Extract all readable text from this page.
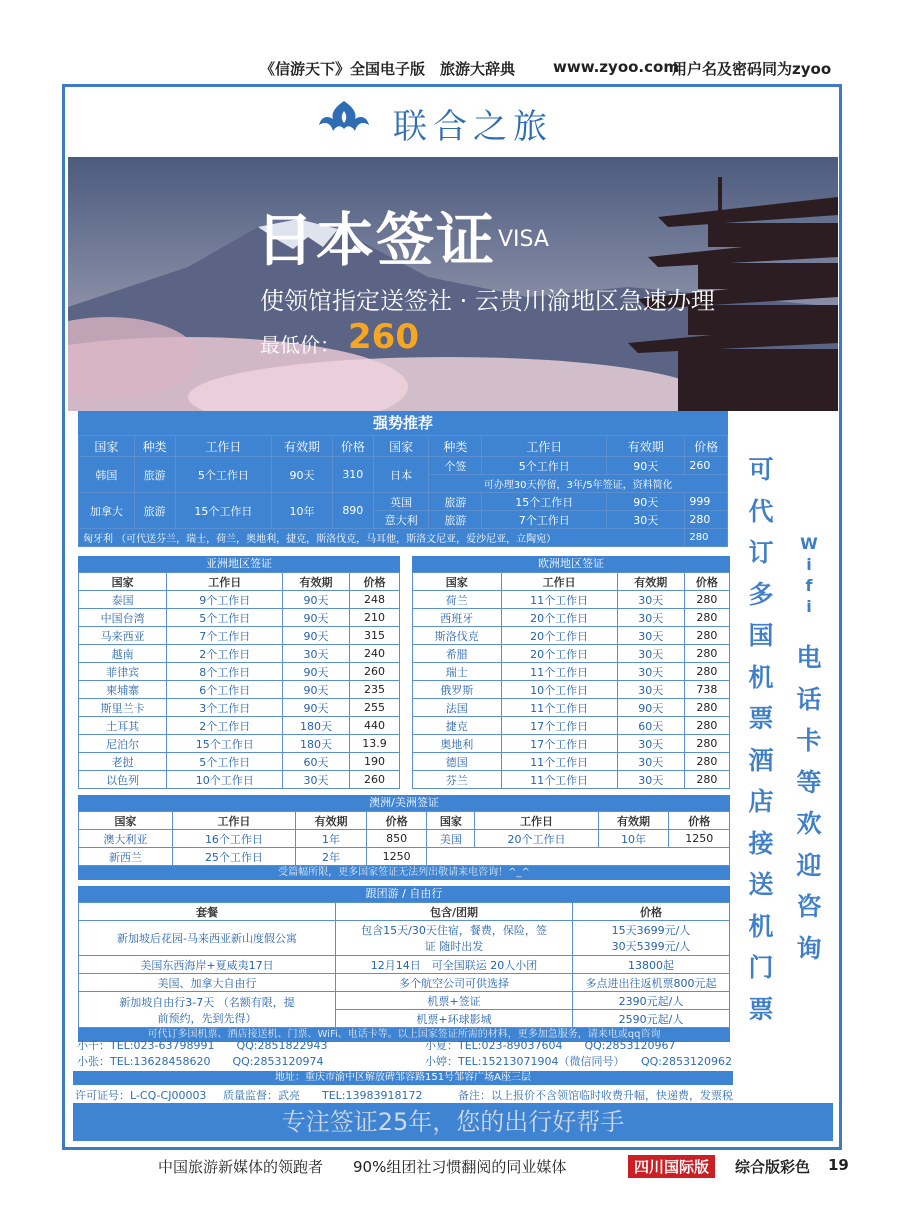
《信游天下》全国电子版　旅游大辞典	www.zyoo.com
用户名及密码同为zyoo
联合之旅
日本签证 VISA
使领馆指定送签社 · 云贵川渝地区急速办理
最低价： 260
强势推荐
国家	种类	工作日	有效期	价格	国家	种类	工作日	有效期	价格
韩国	旅游	5个工作日	90天	310	日本	个签	5个工作日	90天	260
						可办理30天停留，3年/5年签证，资料简化			
加拿大	旅游	15个工作日	10年	890	英国	旅游	15个工作日	90天	999
					意大利	旅游	7个工作日	30天	280
匈牙利 （可代送芬兰，瑞士，荷兰，奥地利，捷克，斯洛伐克，马耳他，斯洛文尼亚，爱沙尼亚，立陶宛）									280
亚洲地区签证
国家	工作日	有效期	价格
泰国	9个工作日	90天	248
中国台湾	5个工作日	90天	210
马来西亚	7个工作日	90天	315
越南	2个工作日	30天	240
菲律宾	8个工作日	90天	260
柬埔寨	6个工作日	90天	235
斯里兰卡	3个工作日	90天	255
土耳其	2个工作日	180天	440
尼泊尔	15个工作日	180天	13.9
老挝	5个工作日	60天	190
以色列	10个工作日	30天	260
欧洲地区签证
国家	工作日	有效期	价格
荷兰	11个工作日	30天	280
西班牙	20个工作日	30天	280
斯洛伐克	20个工作日	30天	280
希腊	20个工作日	30天	280
瑞士	11个工作日	30天	280
俄罗斯	10个工作日	30天	738
法国	11个工作日	90天	280
捷克	17个工作日	60天	280
奥地利	17个工作日	30天	280
德国	11个工作日	30天	280
芬兰	11个工作日	30天	280
澳洲/美洲签证
国家	工作日	有效期	价格	国家	工作日	有效期	价格
澳大利亚	16个工作日	1年	850	美国	20个工作日	10年	1250
新西兰	25个工作日	2年	1250				
受篇幅所限，更多国家签证无法列出敬请来电咨询！^_^
跟团游 / 自由行
套餐	包含/团期	价格
新加坡后花园-马来西亚新山度假公寓	包含15天/30天住宿，餐费，保险，签证 随时出发	15天3699元/人 30天5399元/人
美国东西海岸+夏威夷17日	12月14日　可全国联运 20人小团	13800起
美国、加拿大自由行	多个航空公司可供选择	多点进出往返机票800元起
新加坡自由行3-7天 （名额有限，提前预约，先到先得）	机票+签证	2390元起/人
	机票+环球影城	2590元起/人
可代订多国机票、酒店接送机、门票、WiFi、电话卡等。以上国家签证所需的材料，更多加急服务，请来电或qq咨询
可
代
订
多
国
机
票
酒
店
接
送
机
门
票
W
i
f
i
电
话
卡
等
欢
迎
咨
询
小千：TEL:023-63798991　　QQ:2851822943	小夏：TEL:023-89037604　　QQ:2853120967
小张：TEL:13628458620　　QQ:2853120974	小婷：TEL:15213071904（微信同号）　　QQ:2853120962
地址：重庆市渝中区解放碑邹容路151号邹容广场A座三层
许可证号：L-CQ-CJ00003 质量监督：武亮　　TEL:13983918172	备注：以上报价不含领馆临时收费升幅，快递费，发票税
专注签证25年，您的出行好帮手
中国旅游新媒体的领跑者　　90%组团社习惯翻阅的同业媒体	四川国际版	综合版彩色 19
